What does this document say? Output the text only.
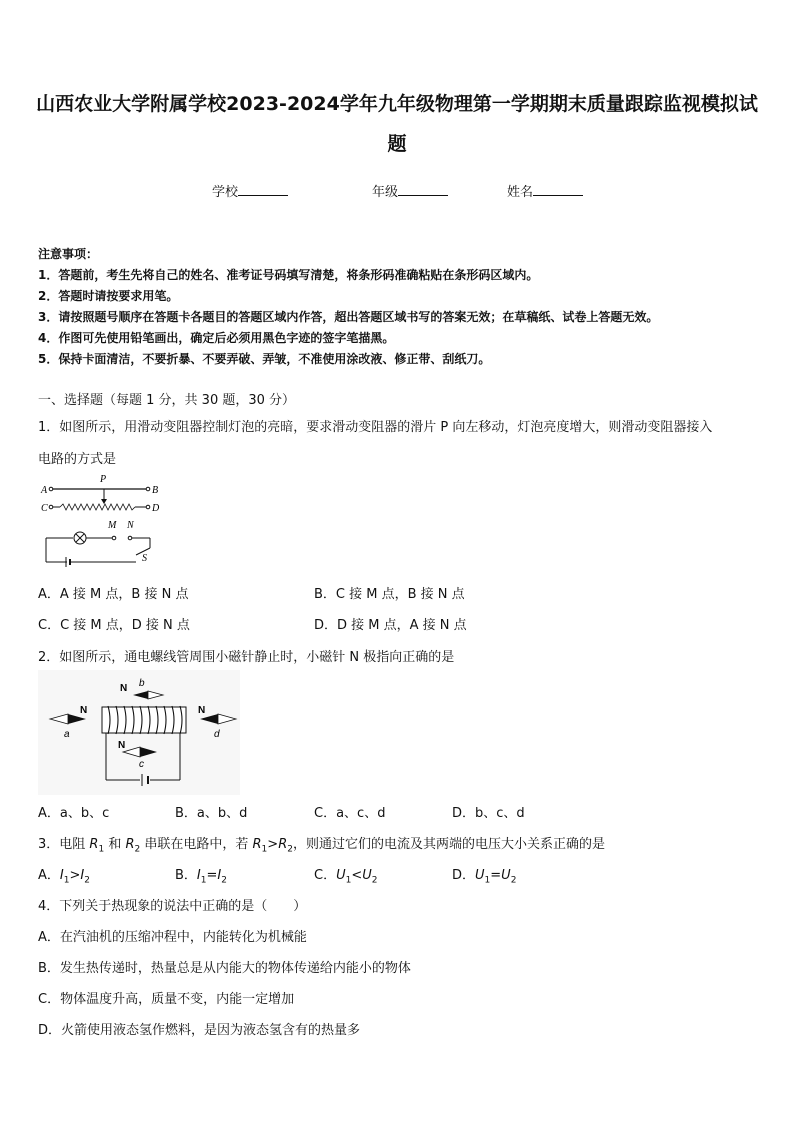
山西农业大学附属学校2023-2024学年九年级物理第一学期期末质量跟踪监视模拟试
题
学校	年级	姓名
注意事项：
1．答题前，考生先将自己的姓名、准考证号码填写清楚，将条形码准确粘贴在条形码区域内。
2．答题时请按要求用笔。
3．请按照题号顺序在答题卡各题目的答题区域内作答，超出答题区域书写的答案无效；在草稿纸、试卷上答题无效。
4．作图可先使用铅笔画出，确定后必须用黑色字迹的签字笔描黑。
5．保持卡面清洁，不要折暴、不要弄破、弄皱，不准使用涂改液、修正带、刮纸刀。
一、选择题（每题 1 分，共 30 题，30 分）
1．如图所示，用滑动变阻器控制灯泡的亮暗，要求滑动变阻器的滑片 P 向左移动，灯泡亮度增大，则滑动变阻器接入
电路的方式是
A	B
P
C	D
M N
S
A．A 接 M 点，B 接 N 点	B．C 接 M 点，B 接 N 点
C．C 接 M 点，D 接 N 点	D．D 接 M 点，A 接 N 点
2．如图所示，通电螺线管周围小磁针静止时，小磁针 N 极指向正确的是
N
a
N b
N
c
N
d
A．a、b、c	B．a、b、d	C．a、c、d	D．b、c、d
3．电阻 $R_1$ 和 $R_2$ 串联在电路中，若 $R_1>R_2$，则通过它们的电流及其两端的电压大小关系正确的是
A．$I_1>I_2$	B．$I_1=I_2$	C．$U_1<U_2$	D．$U_1=U_2$
4．下列关于热现象的说法中正确的是（　　）
A．在汽油机的压缩冲程中，内能转化为机械能
B．发生热传递时，热量总是从内能大的物体传递给内能小的物体
C．物体温度升高，质量不变，内能一定增加
D．火箭使用液态氢作燃料，是因为液态氢含有的热量多
